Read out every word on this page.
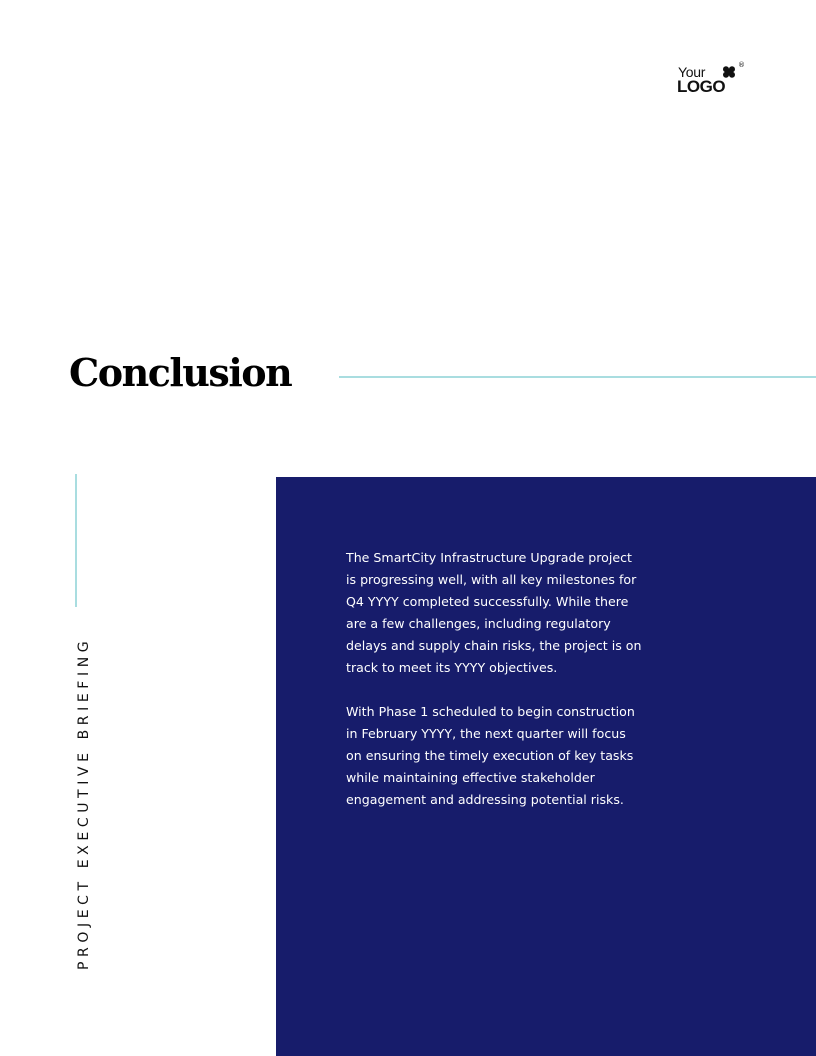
Your	®
LOGO
Conclusion
PROJECT EXECUTIVE BRIEFING

The SmartCity Infrastructure Upgrade project
is progressing well, with all key milestones for
Q4 YYYY completed successfully. While there
are a few challenges, including regulatory
delays and supply chain risks, the project is on
track to meet its YYYY objectives.

With Phase 1 scheduled to begin construction
in February YYYY, the next quarter will focus
on ensuring the timely execution of key tasks
while maintaining effective stakeholder
engagement and addressing potential risks.
